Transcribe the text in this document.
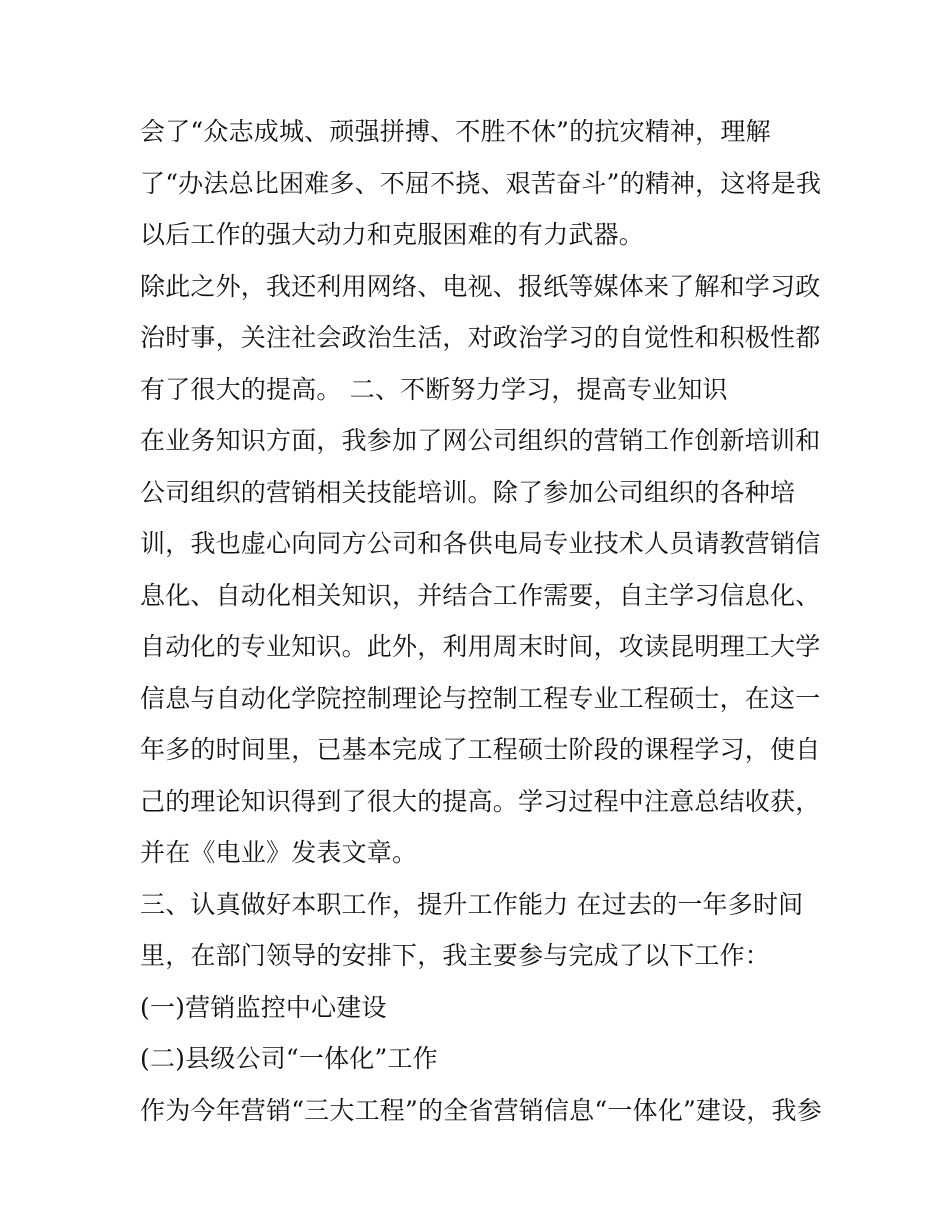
会了“众志成城、顽强拼搏、不胜不休”的抗灾精神，理解
了“办法总比困难多、不屈不挠、艰苦奋斗”的精神，这将是我
以后工作的强大动力和克服困难的有力武器。
除此之外，我还利用网络、电视、报纸等媒体来了解和学习政
治时事，关注社会政治生活，对政治学习的自觉性和积极性都
有了很大的提高。 二、不断努力学习，提高专业知识
在业务知识方面，我参加了网公司组织的营销工作创新培训和
公司组织的营销相关技能培训。除了参加公司组织的各种培
训，我也虚心向同方公司和各供电局专业技术人员请教营销信
息化、自动化相关知识，并结合工作需要，自主学习信息化、
自动化的专业知识。此外，利用周末时间，攻读昆明理工大学
信息与自动化学院控制理论与控制工程专业工程硕士，在这一
年多的时间里，已基本完成了工程硕士阶段的课程学习，使自
己的理论知识得到了很大的提高。学习过程中注意总结收获，
并在《电业》发表文章。
三、认真做好本职工作，提升工作能力 在过去的一年多时间
里，在部门领导的安排下，我主要参与完成了以下工作：
(一)营销监控中心建设
(二)县级公司“一体化”工作
作为今年营销“三大工程”的全省营销信息“一体化”建设，我参
